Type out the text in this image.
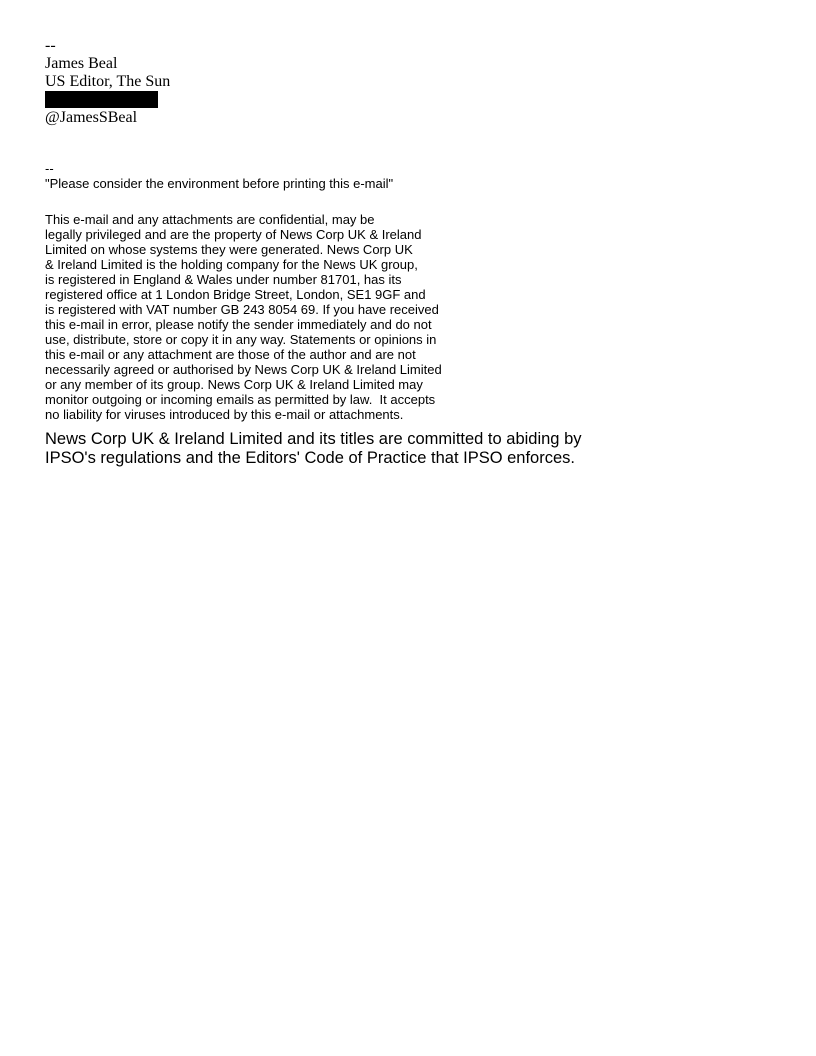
--
James Beal
US Editor, The Sun
@JamesSBeal
--
"Please consider the environment before printing this e-mail"
This e-mail and any attachments are confidential, may be
legally privileged and are the property of News Corp UK & Ireland
Limited on whose systems they were generated. News Corp UK
& Ireland Limited is the holding company for the News UK group,
is registered in England & Wales under number 81701, has its
registered office at 1 London Bridge Street, London, SE1 9GF and
is registered with VAT number GB 243 8054 69. If you have received
this e-mail in error, please notify the sender immediately and do not
use, distribute, store or copy it in any way. Statements or opinions in
this e-mail or any attachment are those of the author and are not
necessarily agreed or authorised by News Corp UK & Ireland Limited
or any member of its group. News Corp UK & Ireland Limited may
monitor outgoing or incoming emails as permitted by law.  It accepts
no liability for viruses introduced by this e-mail or attachments.
News Corp UK & Ireland Limited and its titles are committed to abiding by
IPSO's regulations and the Editors' Code of Practice that IPSO enforces.
